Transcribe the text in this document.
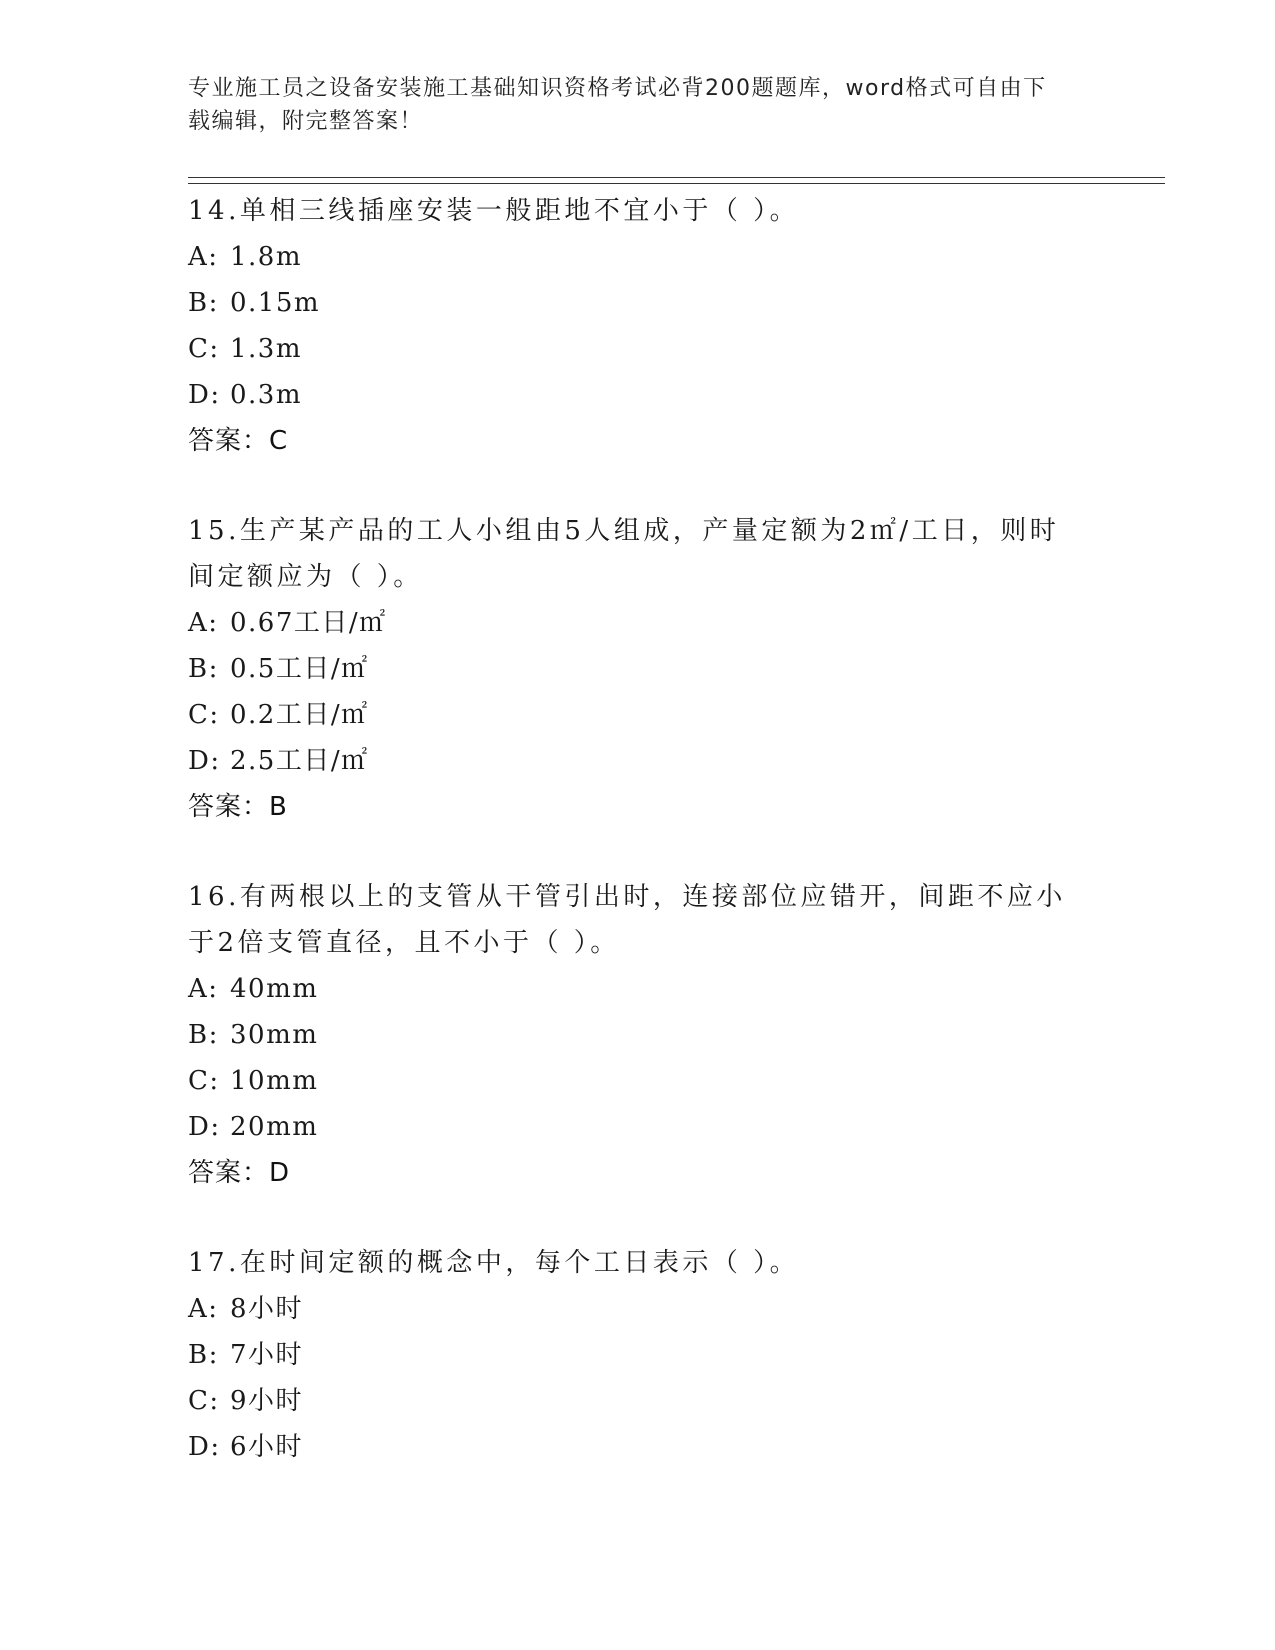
专业施工员之设备安装施工基础知识资格考试必背200题题库，word格式可自由下载编辑，附完整答案！

14.单相三线插座安装一般距地不宜小于（ ）。

A: 1.8m

B: 0.15m

C: 1.3m

D: 0.3m

答案：C

15.生产某产品的工人小组由5人组成，产量定额为2㎡/工日，则时间定额应为（ ）。

A: 0.67工日/㎡

B: 0.5工日/㎡

C: 0.2工日/㎡

D: 2.5工日/㎡

答案：B

16.有两根以上的支管从干管引出时，连接部位应错开，间距不应小于2倍支管直径，且不小于（ ）。

A: 40mm

B: 30mm

C: 10mm

D: 20mm

答案：D

17.在时间定额的概念中，每个工日表示（ ）。

A: 8小时

B: 7小时

C: 9小时

D: 6小时
